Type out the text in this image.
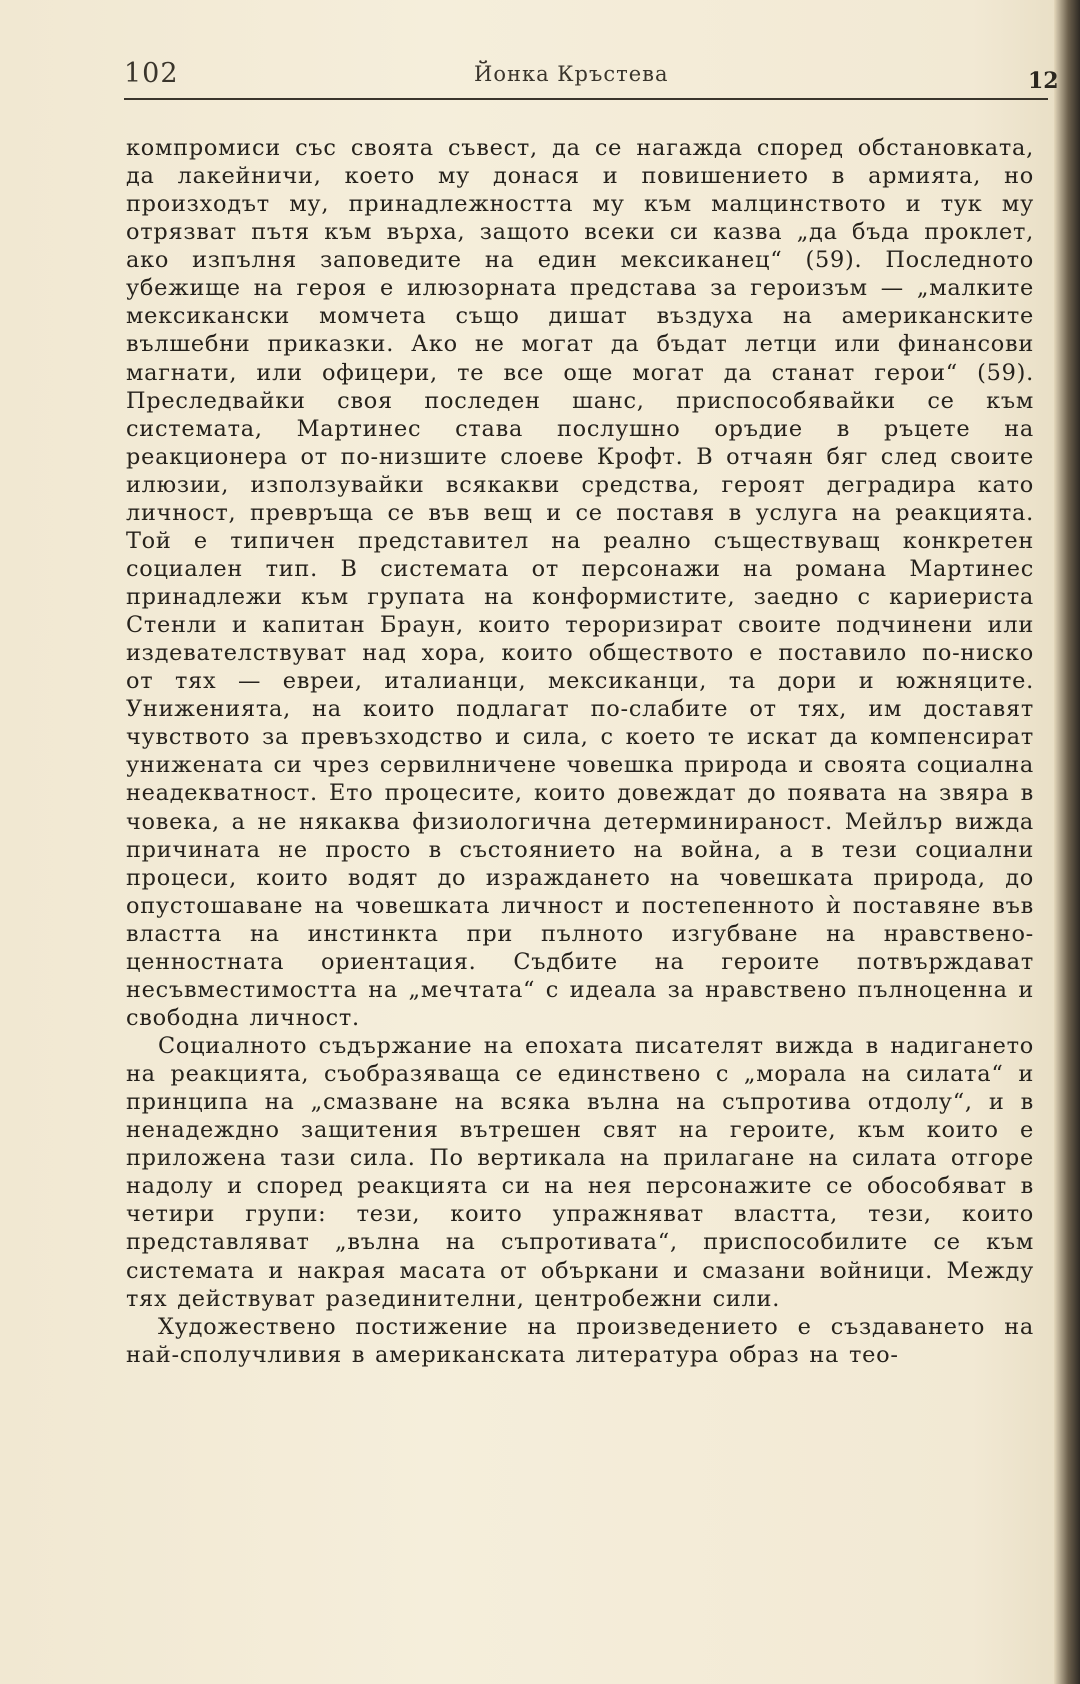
102	Йонка Кръстева	12

компромиси със своята съвест, да се нагажда според обстановката, да лакейничи, което му донася и повишението в армията, но произходът му, принадлежността му към малцинството и тук му отрязват пътя към върха, защото всеки си казва „да бъда проклет, ако изпълня заповедите на един мексиканец“ (59). Последното убежище на героя е илюзорната представа за героизъм — „малките мексикански момчета също дишат въздуха на американските вълшебни приказки. Ако не могат да бъдат летци или финансови магнати, или офицери, те все още могат да станат герои“ (59). Преследвайки своя последен шанс, приспособявайки се към системата, Мартинес става послушно оръдие в ръцете на реакционера от по-низшите слоеве Крофт. В отчаян бяг след своите илюзии, използувайки всякакви средства, героят деградира като личност, превръща се във вещ и се поставя в услуга на реакцията. Той е типичен представител на реално съществуващ конкретен социален тип. В системата от персонажи на романа Мартинес принадлежи към групата на конформистите, заедно с кариериста Стенли и капитан Браун, които тероризират своите подчинени или издевателствуват над хора, които обществото е поставило по-ниско от тях — евреи, италианци, мексиканци, та дори и южняците. Униженията, на които подлагат по-слабите от тях, им доставят чувството за превъзходство и сила, с което те искат да компенсират унижената си чрез сервилничене човешка природа и своята социална неадекватност. Ето процесите, които довеждат до появата на звяра в човека, а не някаква физиологична детерминираност. Мейлър вижда причината не просто в състоянието на война, а в тези социални процеси, които водят до израждането на човешката природа, до опустошаване на човешката личност и постепенното ѝ поставяне във властта на инстинкта при пълното изгубване на нравствено-ценностната ориентация. Съдбите на героите потвърждават несъвместимостта на „мечтата“ с идеала за нравствено пълноценна и свободна личност.

Социалното съдържание на епохата писателят вижда в надигането на реакцията, съобразяваща се единствено с „морала на силата“ и принципа на „смазване на всяка вълна на съпротива отдолу“, и в ненадеждно защитения вътрешен свят на героите, към които е приложена тази сила. По вертикала на прилагане на силата отгоре надолу и според реакцията си на нея персонажите се обособяват в четири групи: тези, които упражняват властта, тези, които представляват „вълна на съпротивата“, приспособилите се към системата и накрая масата от объркани и смазани войници. Между тях действуват разединителни, центробежни сили.

Художествено постижение на произведението е създаването на най-сполучливия в американската литература образ на тео-
